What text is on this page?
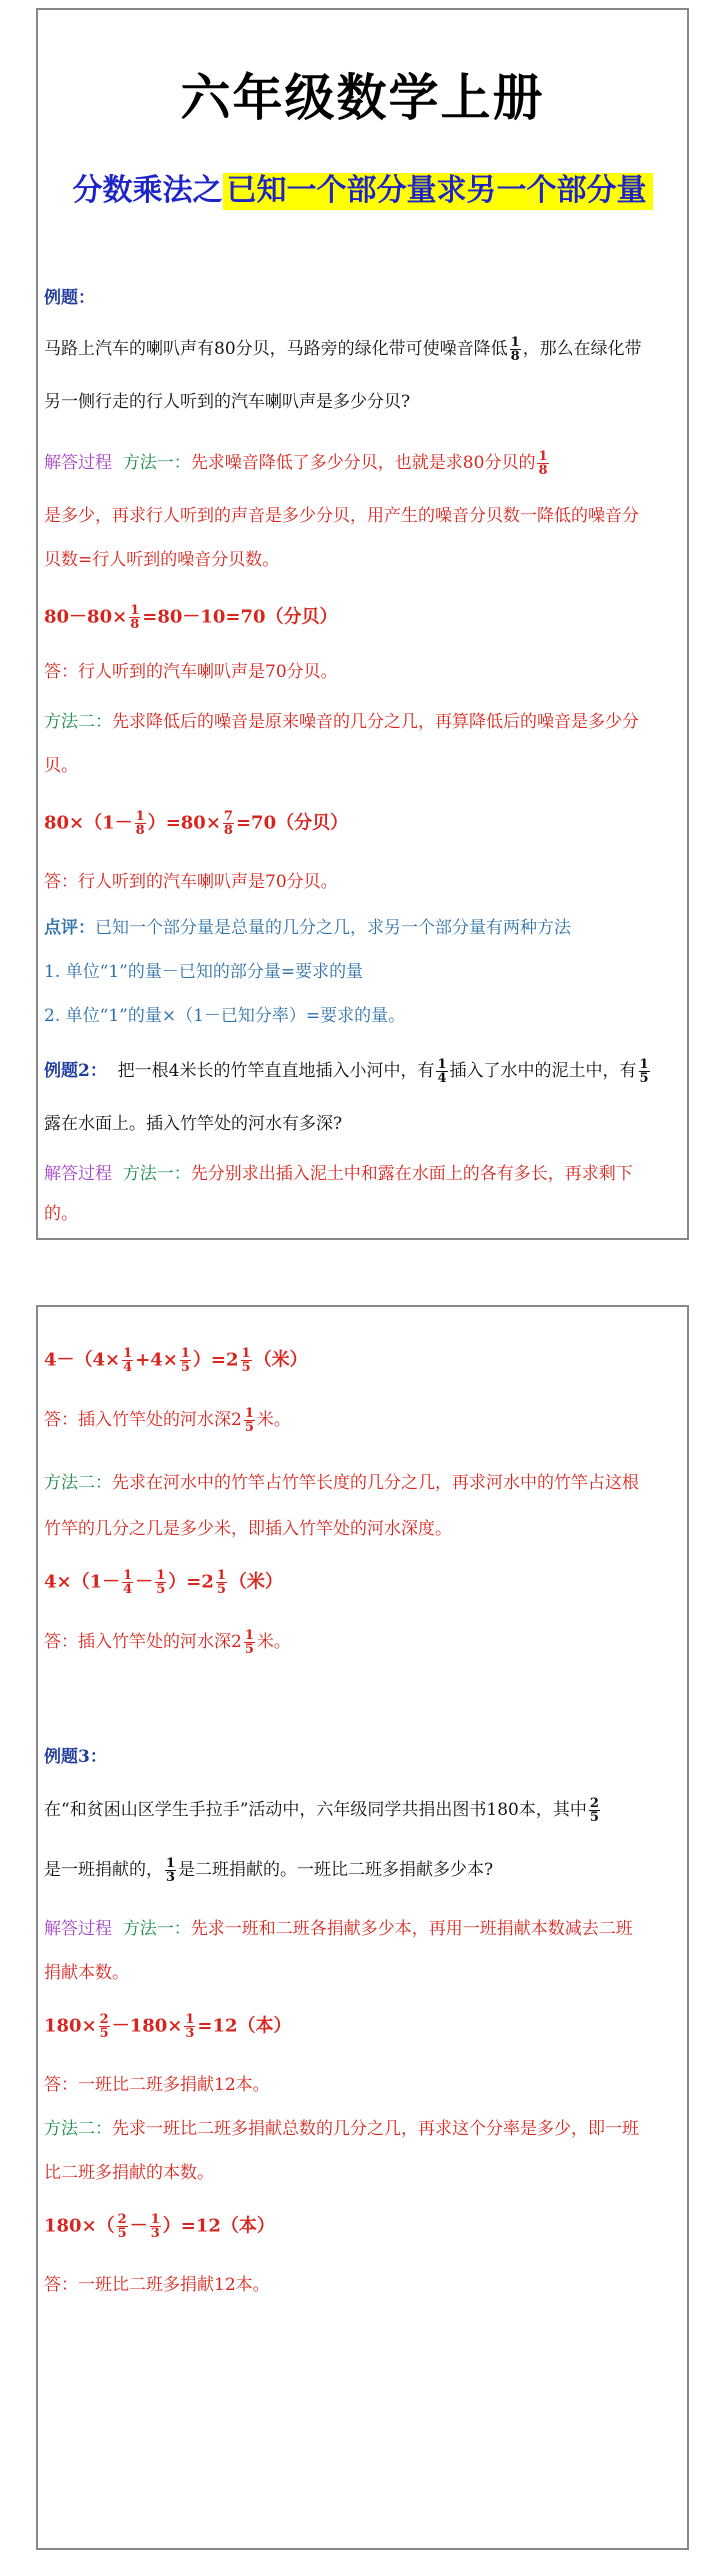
六年级数学上册
分数乘法之 已知一个部分量求另一个部分量
例题：
马路上汽车的喇叭声有80分贝，马路旁的绿化带可使噪音降低 $\frac{1}{8}$ ，那么在绿化带
另一侧行走的行人听到的汽车喇叭声是多少分贝?
解答过程 方法一：先求噪音降低了多少分贝，也就是求80分贝的 $\frac{1}{8}$
是多少，再求行人听到的声音是多少分贝，用产生的噪音分贝数一降低的噪音分
贝数=行人听到的噪音分贝数。
$80-80\times \frac{1}{8} =80-10=70$（分贝）
答：行人听到的汽车喇叭声是70分贝。
方法二：先求降低后的噪音是原来噪音的几分之几，再算降低后的噪音是多少分
贝。
$80\times(1- \frac{1}{8} )=80\times \frac{7}{8} =70$（分贝）
答：行人听到的汽车喇叭声是70分贝。
点评：已知一个部分量是总量的几分之几，求另一个部分量有两种方法
1. 单位“1”的量－已知的部分量=要求的量
2. 单位“1”的量×（1－已知分率）=要求的量。
例题2： 把一根4米长的竹竿直直地插入小河中，有 $\frac{1}{4}$ 插入了水中的泥土中，有 $\frac{1}{5}$
露在水面上。插入竹竿处的河水有多深?
解答过程 方法一：先分别求出插入泥土中和露在水面上的各有多长，再求剩下
的。
$4-(4\times \frac{1}{4} +4\times \frac{1}{5} )=2 \frac{1}{5}$ （米）
答：插入竹竿处的河水深$2 \frac{1}{5}$ 米。
方法二：先求在河水中的竹竿占竹竿长度的几分之几，再求河水中的竹竿占这根
竹竿的几分之几是多少米，即插入竹竿处的河水深度。
$4\times(1- \frac{1}{4} - \frac{1}{5} )=2 \frac{1}{5}$ （米）
答：插入竹竿处的河水深$2 \frac{1}{5}$ 米。
例题3：
在“和贫困山区学生手拉手”活动中，六年级同学共捐出图书180本，其中 $\frac{2}{5}$
是一班捐献的， $\frac{1}{3}$ 是二班捐献的。一班比二班多捐献多少本?
解答过程 方法一：先求一班和二班各捐献多少本，再用一班捐献本数减去二班
捐献本数。
$180\times \frac{2}{5} -180\times \frac{1}{3} =12$（本）
答：一班比二班多捐献12本。
方法二：先求一班比二班多捐献总数的几分之几，再求这个分率是多少，即一班
比二班多捐献的本数。
$180\times( \frac{2}{5} - \frac{1}{3} )=12$（本）
答：一班比二班多捐献12本。
